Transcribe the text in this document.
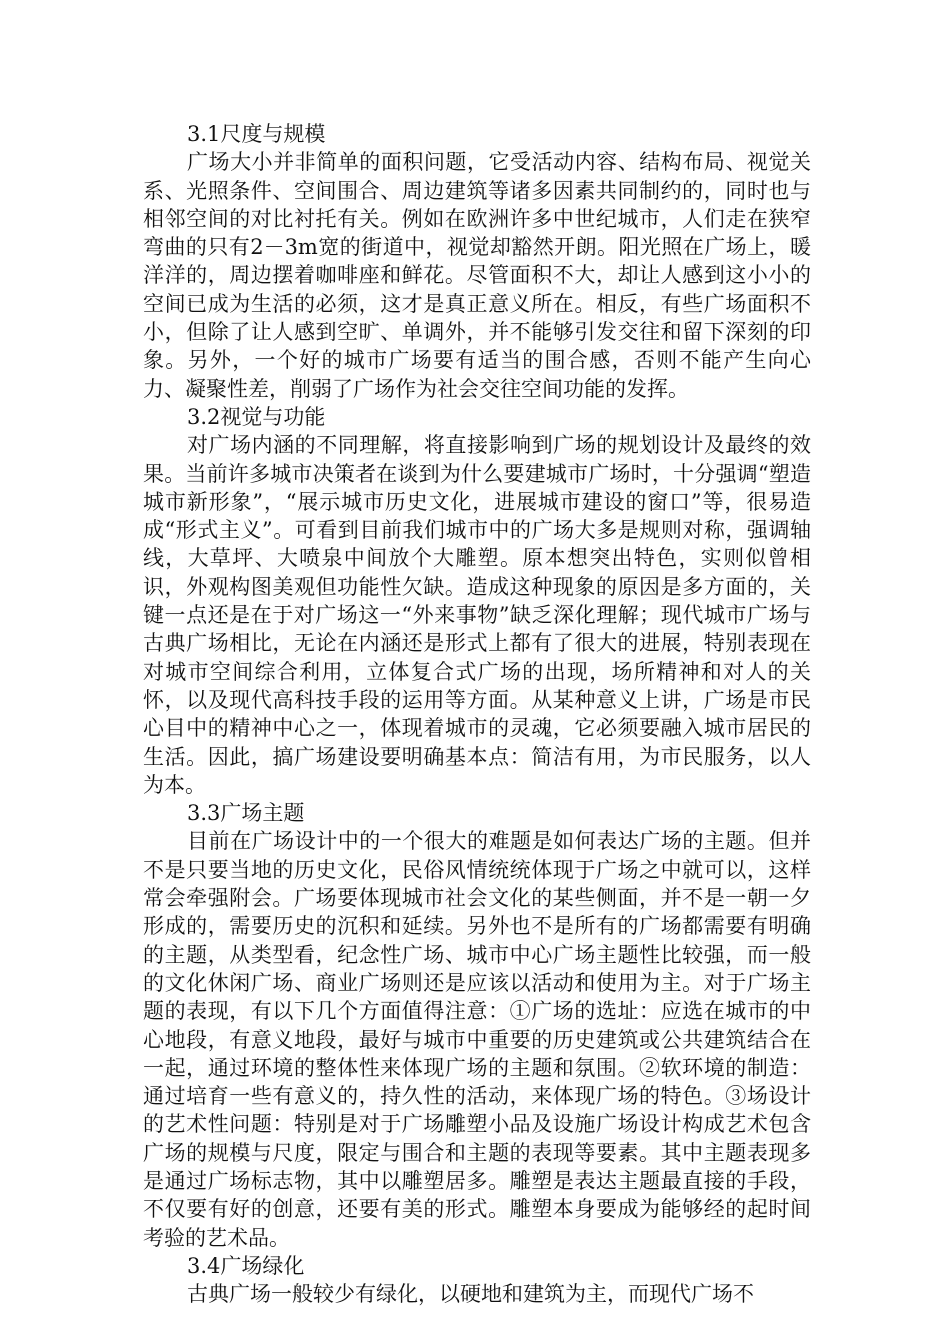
3.1尺度与规模

广场大小并非简单的面积问题，它受活动内容、结构布局、视觉关系、光照条件、空间围合、周边建筑等诸多因素共同制约的，同时也与相邻空间的对比衬托有关。例如在欧洲许多中世纪城市，人们走在狭窄弯曲的只有2－3m宽的街道中，视觉却豁然开朗。阳光照在广场上，暖洋洋的，周边摆着咖啡座和鲜花。尽管面积不大，却让人感到这小小的空间已成为生活的必须，这才是真正意义所在。相反，有些广场面积不小，但除了让人感到空旷、单调外，并不能够引发交往和留下深刻的印象。另外，一个好的城市广场要有适当的围合感，否则不能产生向心力、凝聚性差，削弱了广场作为社会交往空间功能的发挥。

3.2视觉与功能

对广场内涵的不同理解，将直接影响到广场的规划设计及最终的效果。当前许多城市决策者在谈到为什么要建城市广场时，十分强调“塑造城市新形象”，“展示城市历史文化，进展城市建设的窗口”等，很易造成“形式主义”。可看到目前我们城市中的广场大多是规则对称，强调轴线，大草坪、大喷泉中间放个大雕塑。原本想突出特色，实则似曾相识，外观构图美观但功能性欠缺。造成这种现象的原因是多方面的，关键一点还是在于对广场这一“外来事物”缺乏深化理解；现代城市广场与古典广场相比，无论在内涵还是形式上都有了很大的进展，特别表现在对城市空间综合利用，立体复合式广场的出现，场所精神和对人的关怀，以及现代高科技手段的运用等方面。从某种意义上讲，广场是市民心目中的精神中心之一，体现着城市的灵魂，它必须要融入城市居民的生活。因此，搞广场建设要明确基本点：简洁有用，为市民服务，以人为本。

3.3广场主题

目前在广场设计中的一个很大的难题是如何表达广场的主题。但并不是只要当地的历史文化，民俗风情统统体现于广场之中就可以，这样常会牵强附会。广场要体现城市社会文化的某些侧面，并不是一朝一夕形成的，需要历史的沉积和延续。另外也不是所有的广场都需要有明确的主题，从类型看，纪念性广场、城市中心广场主题性比较强，而一般的文化休闲广场、商业广场则还是应该以活动和使用为主。对于广场主题的表现，有以下几个方面值得注意：①广场的选址：应选在城市的中心地段，有意义地段，最好与城市中重要的历史建筑或公共建筑结合在一起，通过环境的整体性来体现广场的主题和氛围。②软环境的制造：通过培育一些有意义的，持久性的活动，来体现广场的特色。③场设计的艺术性问题：特别是对于广场雕塑小品及设施广场设计构成艺术包含广场的规模与尺度，限定与围合和主题的表现等要素。其中主题表现多是通过广场标志物，其中以雕塑居多。雕塑是表达主题最直接的手段，不仅要有好的创意，还要有美的形式。雕塑本身要成为能够经的起时间考验的艺术品。

3.4广场绿化

古典广场一般较少有绿化，以硬地和建筑为主，而现代广场不
